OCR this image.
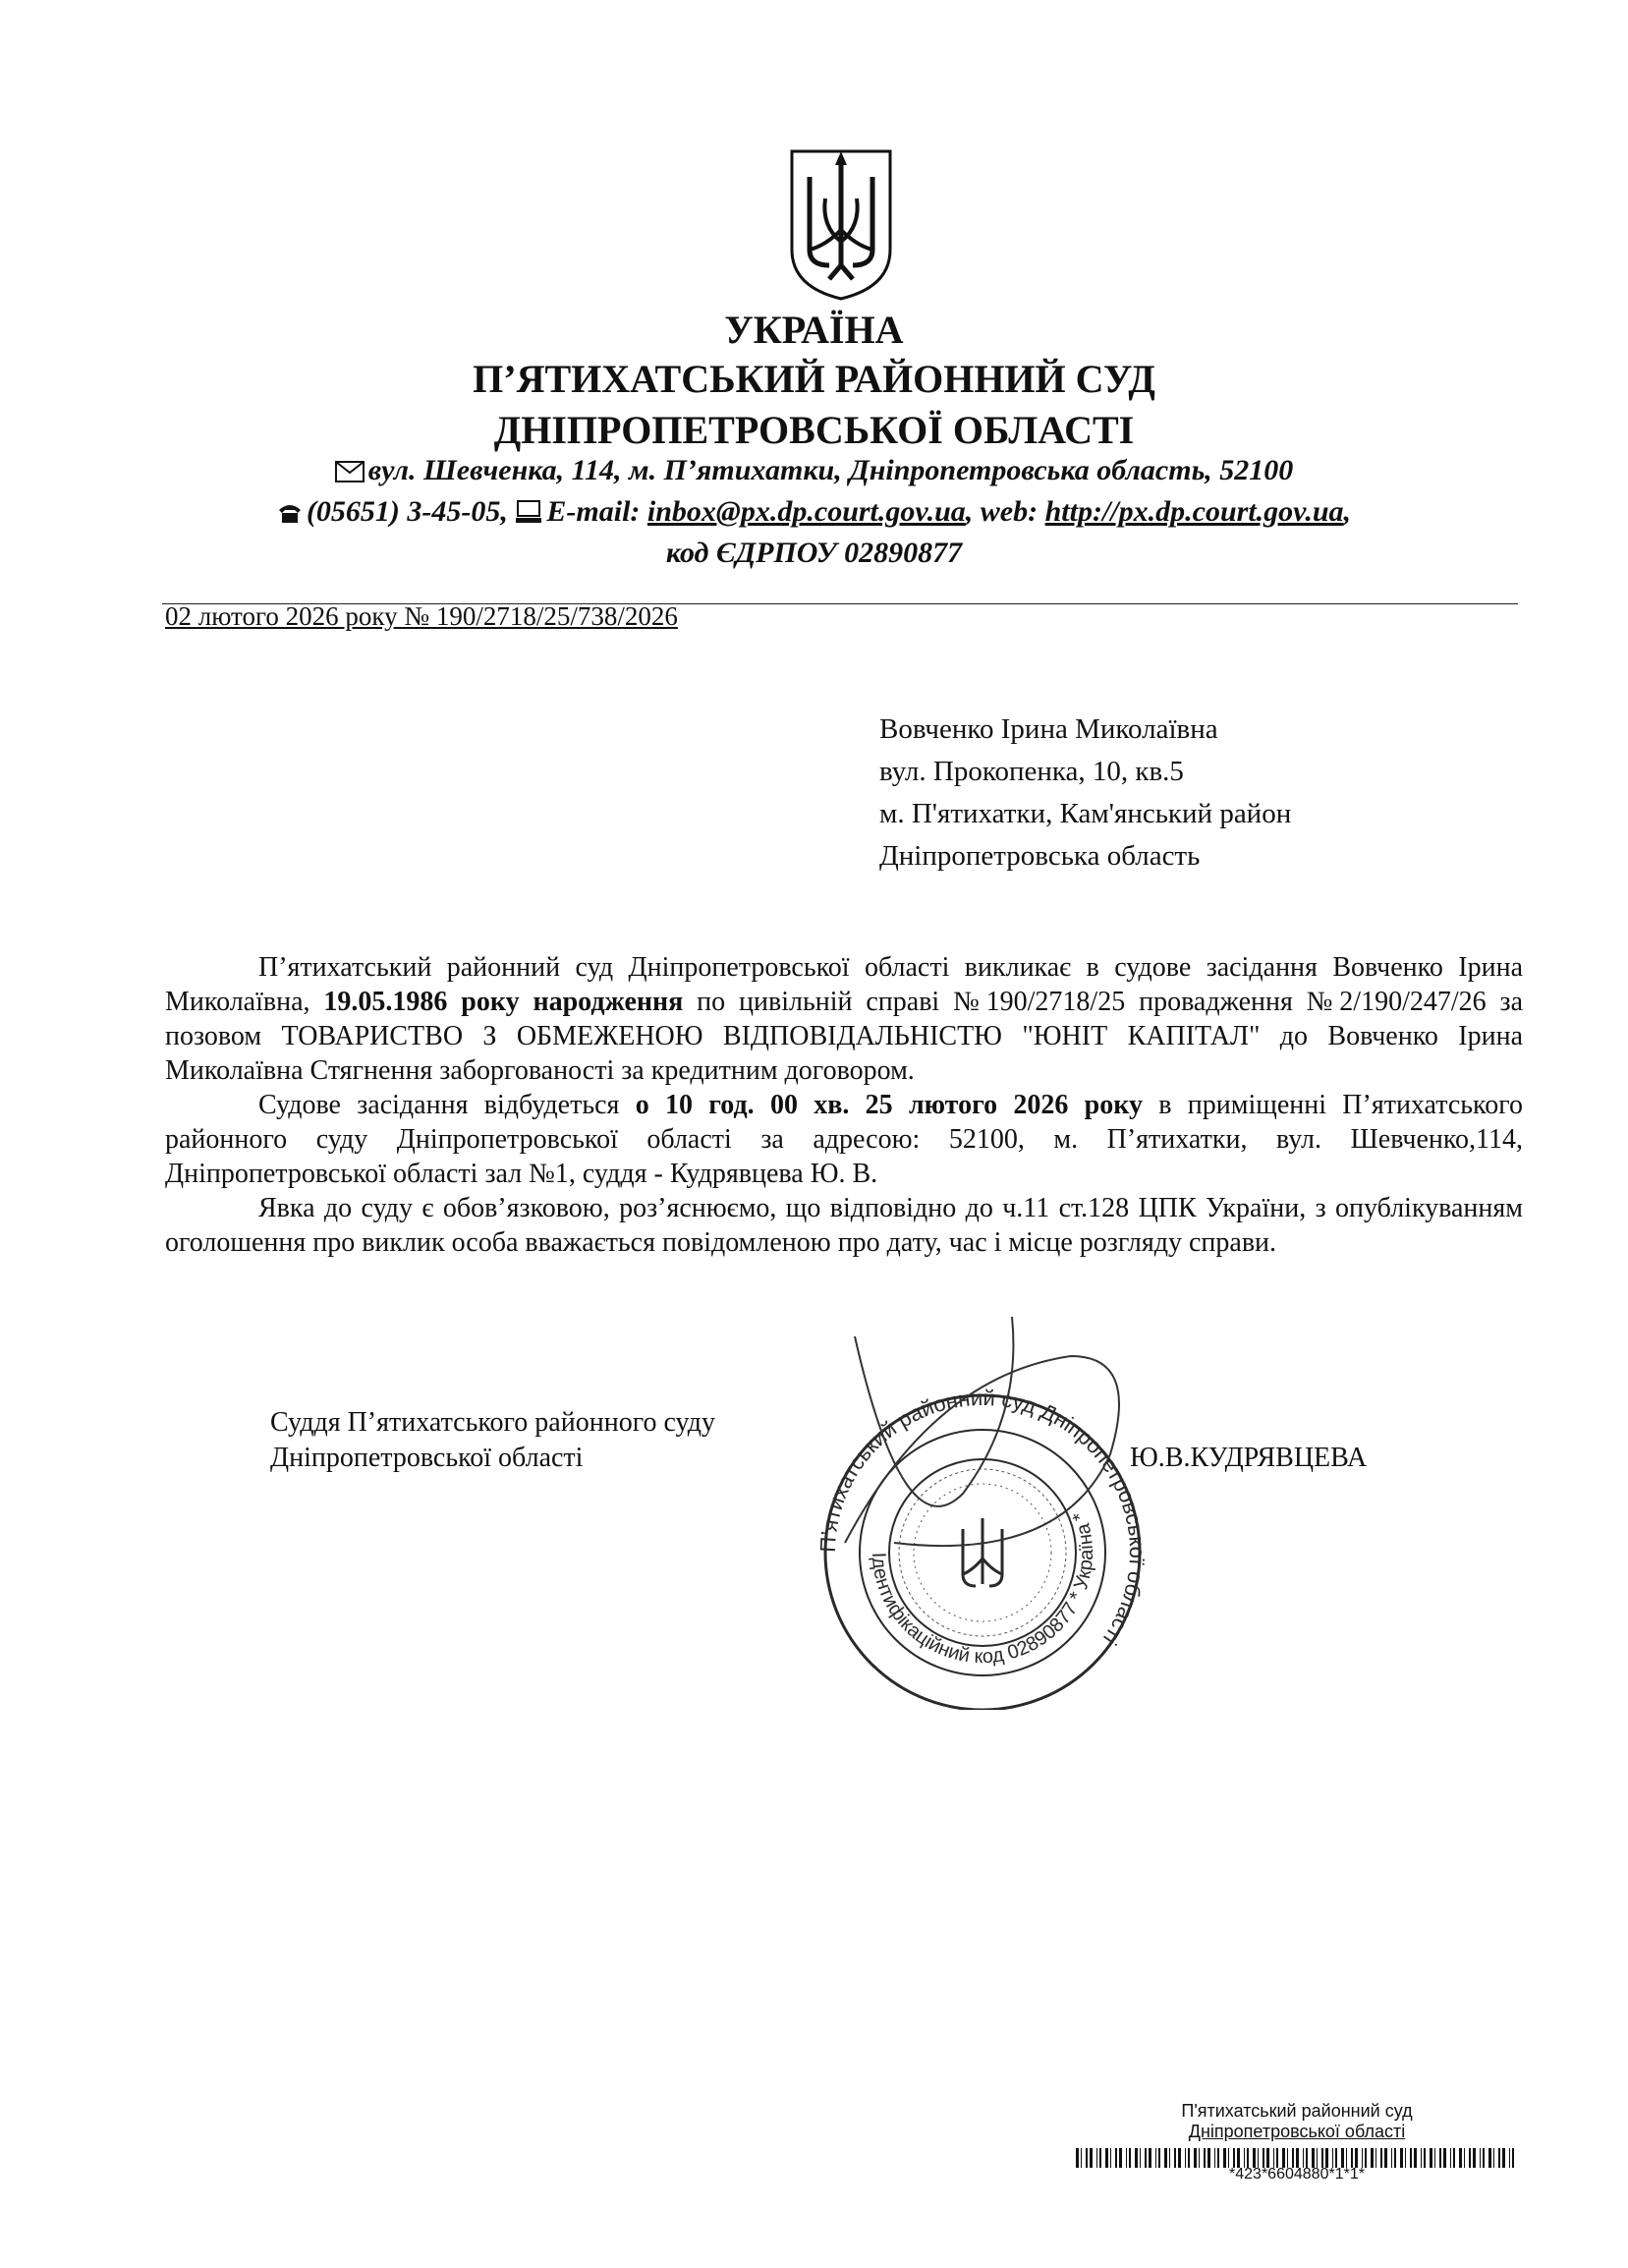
УКРАЇНА
П’ЯТИХАТСЬКИЙ РАЙОННИЙ СУД
ДНІПРОПЕТРОВСЬКОЇ ОБЛАСТІ
вул. Шевченка, 114, м. П’ятихатки, Дніпропетровська область, 52100
(05651) 3-45-05, E-mail: inbox@px.dp.court.gov.ua, web: http://px.dp.court.gov.ua,
код ЄДРПОУ 02890877
02 лютого 2026 року № 190/2718/25/738/2026
Вовченко Ірина Миколаївна
вул. Прокопенка, 10, кв.5
м. П'ятихатки, Кам'янський район
Дніпропетровська область
П’ятихатський районний суд Дніпропетровської області викликає в судове засідання Вовченко Ірина Миколаївна, 19.05.1986 року народження по цивільній справі №190/2718/25 провадження №2/190/247/26 за позовом ТОВАРИСТВО З ОБМЕЖЕНОЮ ВІДПОВІДАЛЬНІСТЮ "ЮНІТ КАПІТАЛ" до Вовченко Ірина Миколаївна Стягнення заборгованості за кредитним договором.
Судове засідання відбудеться о 10 год. 00 хв. 25 лютого 2026 року в приміщенні П’ятихатського районного суду Дніпропетровської області за адресою: 52100, м. П’ятихатки, вул. Шевченко,114, Дніпропетровської області зал №1, суддя - Кудрявцева Ю. В.
Явка до суду є обов’язковою, роз’яснюємо, що відповідно до ч.11 ст.128 ЦПК України, з опублікуванням оголошення про виклик особа вважається повідомленою про дату, час і місце розгляду справи.
Суддя П’ятихатського районного суду
Дніпропетровської області	Ю.В.КУДРЯВЦЕВА
П’ятихатський районний суд Дніпропетровської області
Ідентифікаційний код 02890877 * Україна *
П'ятихатський районний суд
Дніпропетровської області
*423*6604880*1*1*
